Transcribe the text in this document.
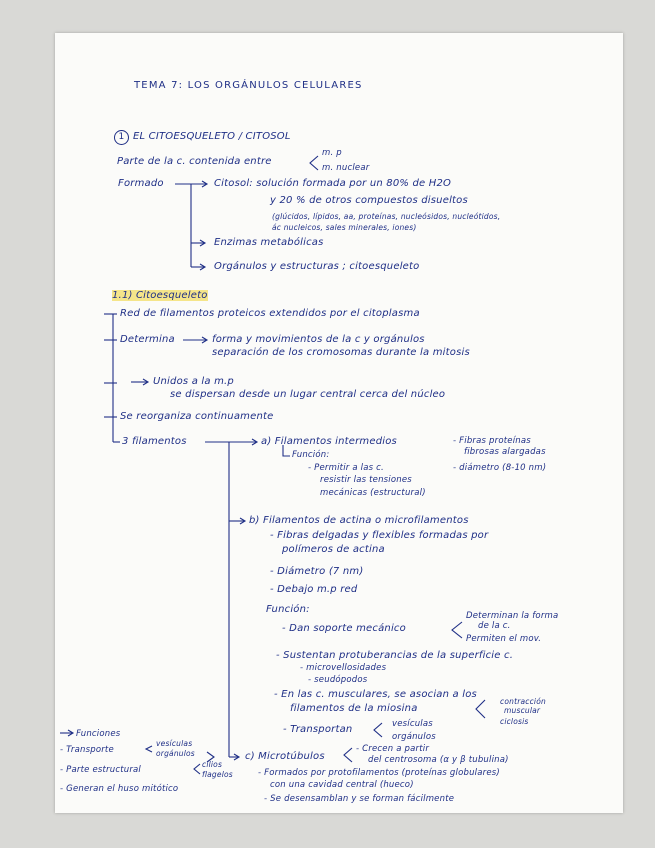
TEMA 7: LOS ORGÁNULOS CELULARES
1 EL CITOESQUELETO / CITOSOL
Parte de la c. contenida entre
m. p
m. nuclear
Formado	Citosol: solución formada por un 80% de H2O
y 20 % de otros compuestos disueltos
(glúcidos, lípidos, aa, proteínas, nucleósidos, nucleótidos,
ác nucleicos, sales minerales, iones)
Enzimas metabólicas
Orgánulos y estructuras ; citoesqueleto
1.1) Citoesqueleto
Red de filamentos proteicos extendidos por el citoplasma
Determina	forma y movimientos de la c y orgánulos
separación de los cromosomas durante la mitosis
Unidos a la m.p
se dispersan desde un lugar central cerca del núcleo
Se reorganiza continuamente
3 filamentos	a) Filamentos intermedios	- Fibras proteínas
fibrosas alargadas
Función:
- Permitir a las c.
resistir las tensiones
mecánicas (estructural)
- diámetro (8-10 nm)
b) Filamentos de actina o microfilamentos
- Fibras delgadas y flexibles formadas por
polímeros de actina
- Diámetro (7 nm)
- Debajo m.p red
Función:
- Dan soporte mecánico
Determinan la forma
de la c.
Permiten el mov.
- Sustentan protuberancias de la superficie c.
- microvellosidades
- seudópodos
- En las c. musculares, se asocian a los
filamentos de la miosina
contracción
muscular
ciclosis
- Transportan	vesículas
orgánulos
c) Microtúbulos
- Crecen a partir
del centrosoma (α y β tubulina)
- Formados por protofilamentos (proteínas globulares)
con una cavidad central (hueco)
- Se desensamblan y se forman fácilmente
Funciones
- Transporte
vesículas
orgánulos
- Parte estructural
cilios
flagelos
- Generan el huso mitótico
